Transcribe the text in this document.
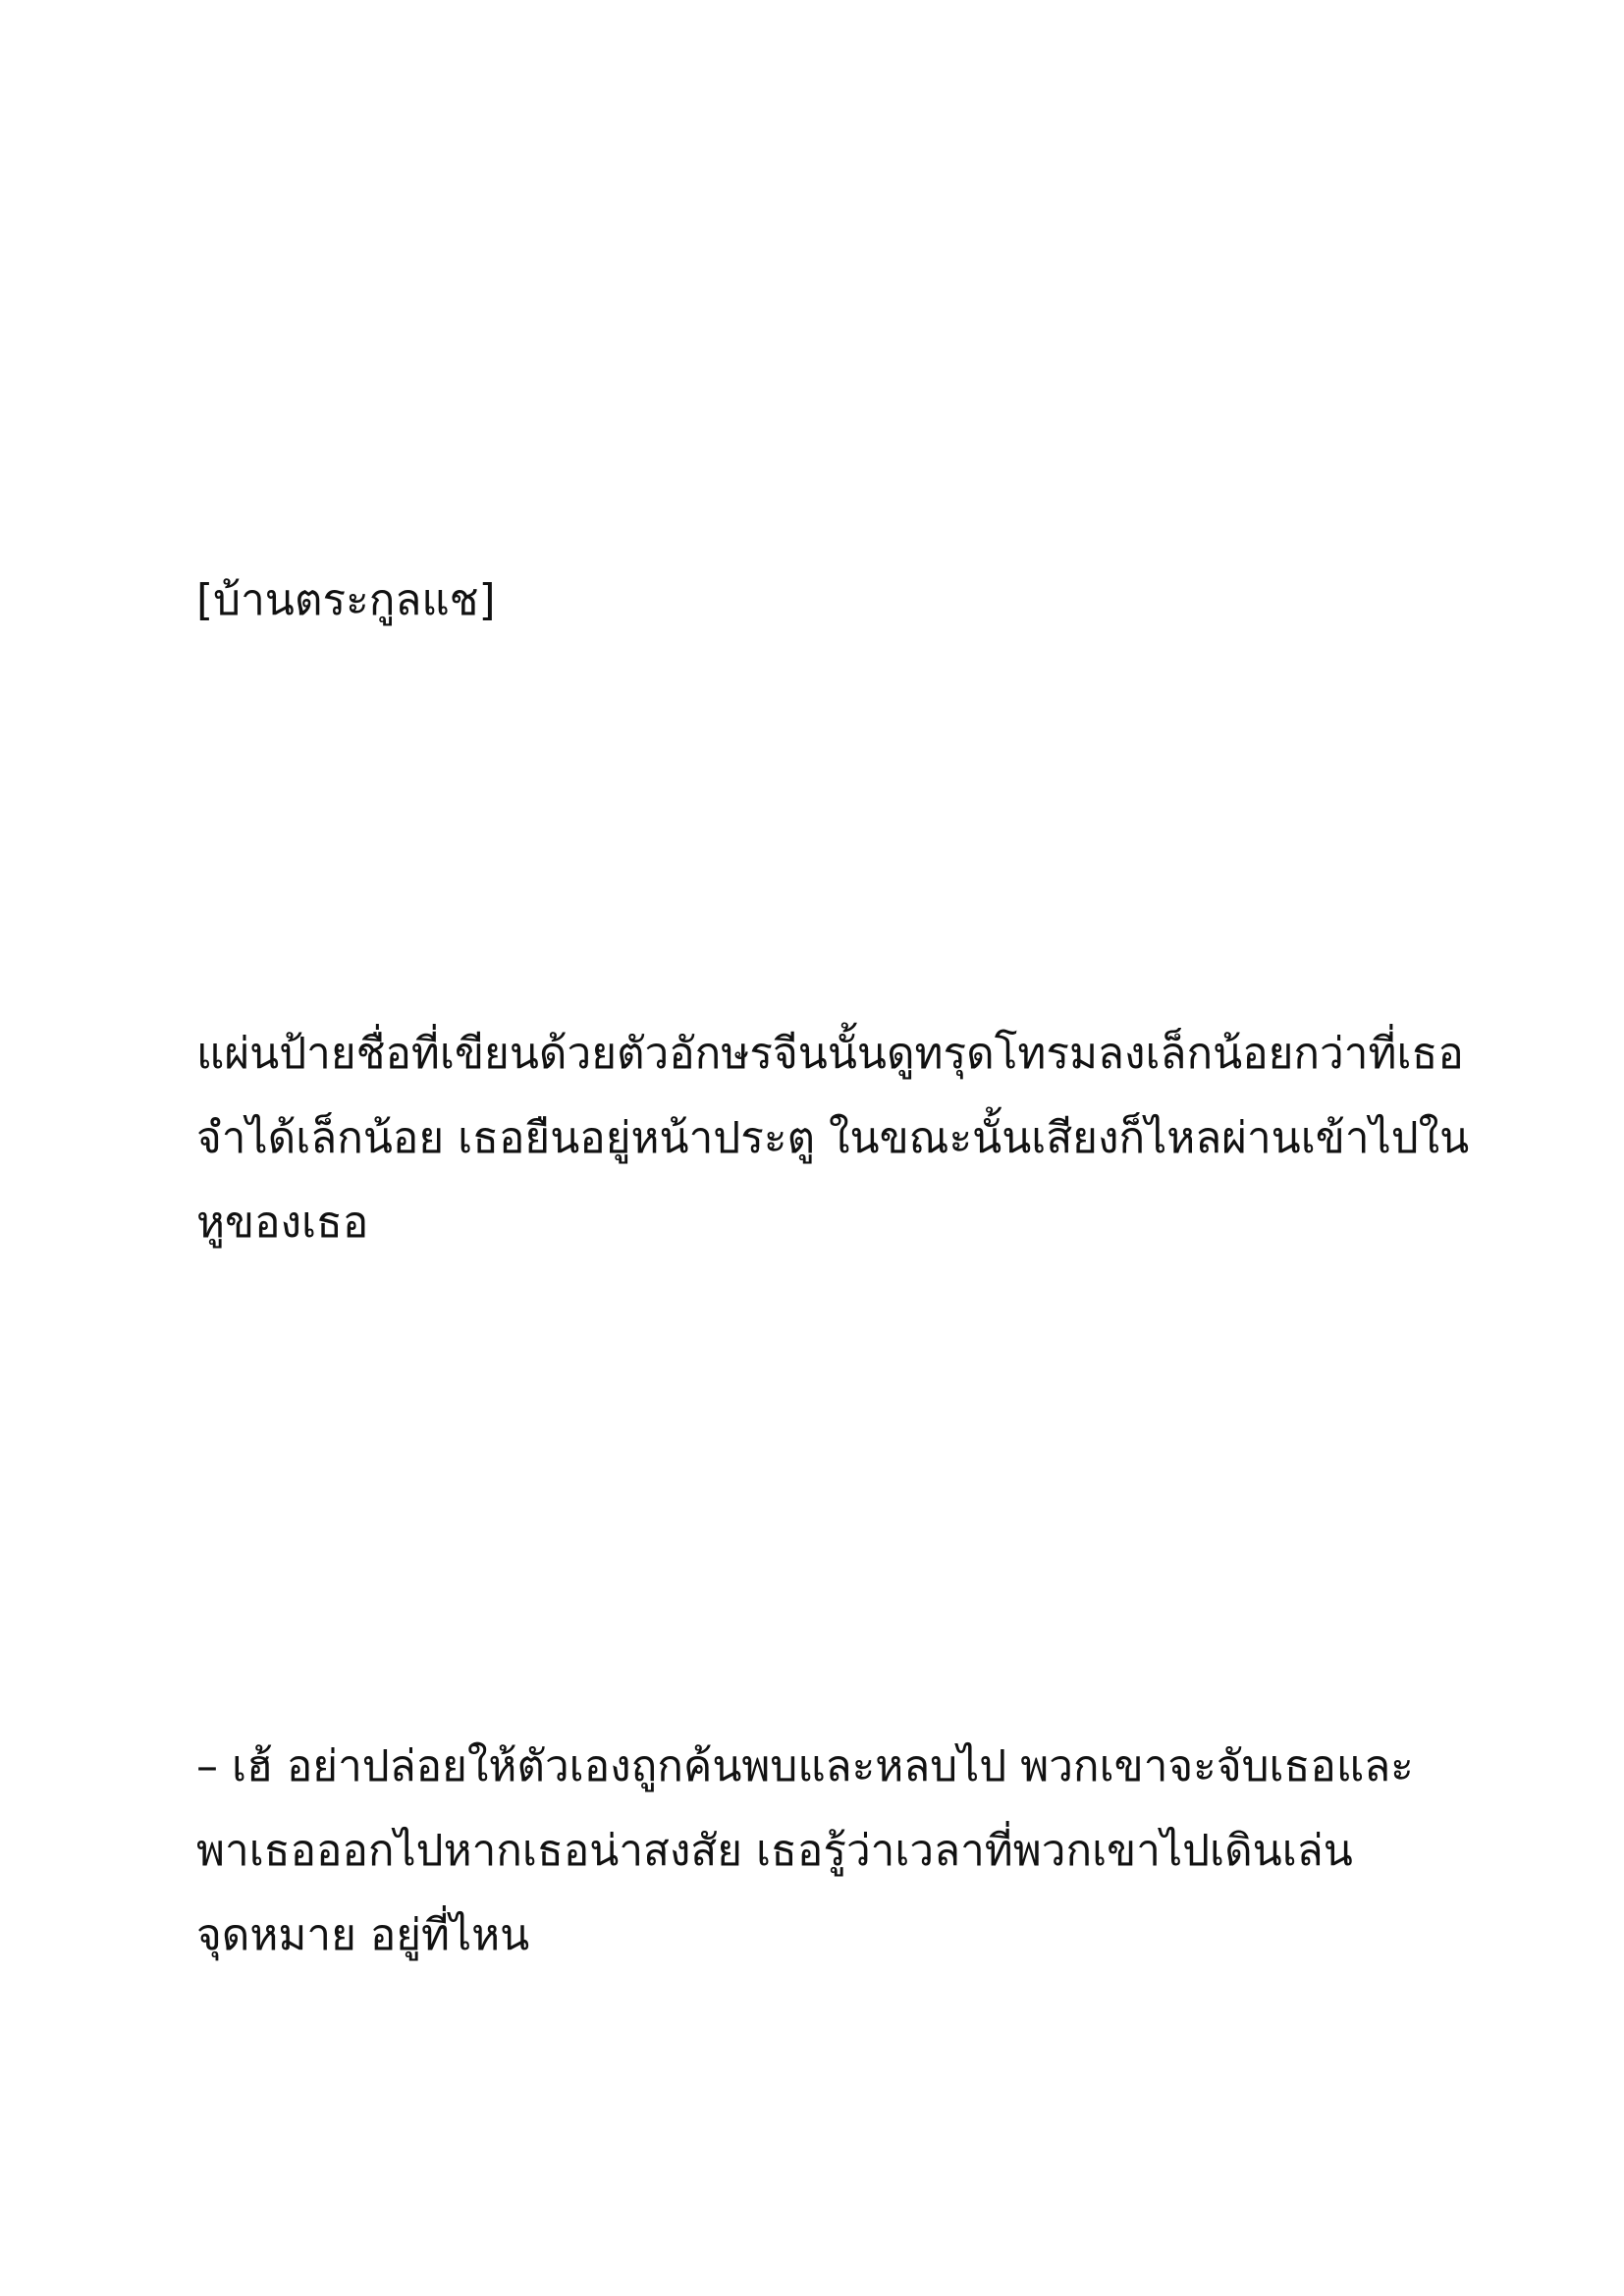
[บ้านตระกูลแช]
แผ่นป้ายชื่อที่เขียนด้วยตัวอักษรจีนนั้นดูทรุดโทรมลงเล็กน้อยกว่าที่เธอ
จำได้เล็กน้อย เธอยืนอยู่หน้าประตู ในขณะนั้นเสียงก็ไหลผ่านเข้าไปใน
หูของเธอ
– เฮ้ อย่าปล่อยให้ตัวเองถูกค้นพบและหลบไป พวกเขาจะจับเธอและ
พาเธอออกไปหากเธอน่าสงสัย เธอรู้ว่าเวลาที่พวกเขาไปเดินเล่น
จุดหมาย อยู่ที่ไหน
